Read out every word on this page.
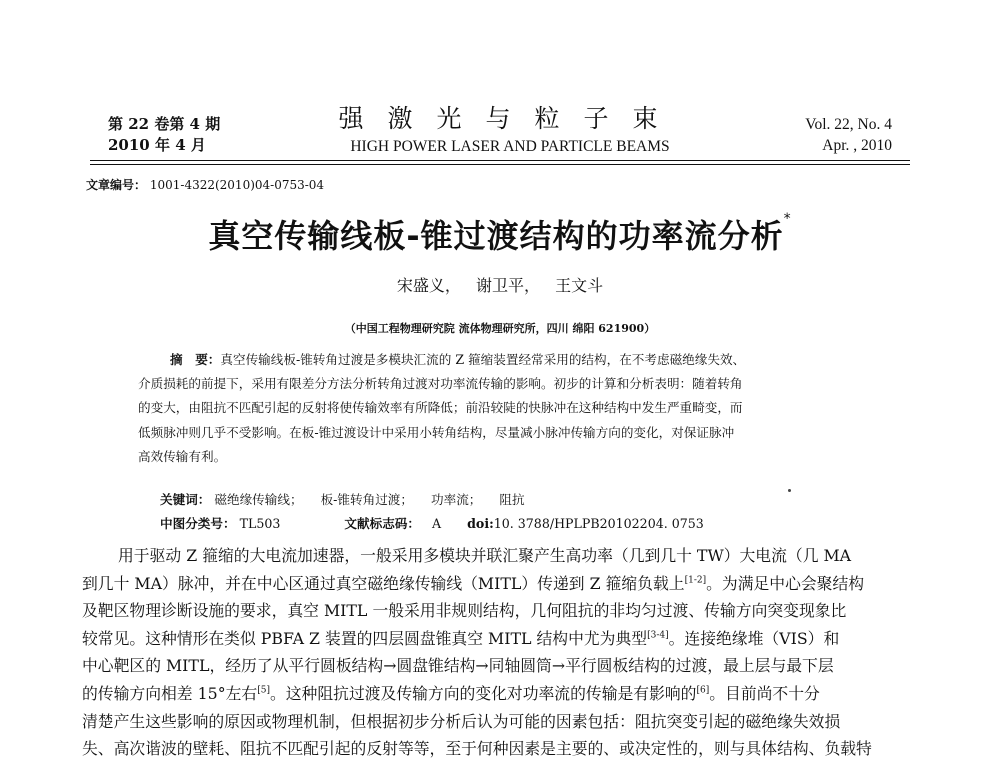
第 22 卷第 4 期
2010 年 4 月
强激光与粒子束
HIGH POWER LASER AND PARTICLE BEAMS
Vol. 22, No. 4
Apr. , 2010
文章编号： 1001-4322(2010)04-0753-04
真空传输线板-锥过渡结构的功率流分析*
宋盛义， 谢卫平， 王文斗
（中国工程物理研究院 流体物理研究所，四川 绵阳 621900）
摘　要：真空传输线板-锥转角过渡是多模块汇流的 Z 箍缩装置经常采用的结构，在不考虑磁绝缘失效、
介质损耗的前提下，采用有限差分方法分析转角过渡对功率流传输的影响。初步的计算和分析表明：随着转角
的变大，由阻抗不匹配引起的反射将使传输效率有所降低；前沿较陡的快脉冲在这种结构中发生严重畸变，而
低频脉冲则几乎不受影响。在板-锥过渡设计中采用小转角结构，尽量减小脉冲传输方向的变化，对保证脉冲
高效传输有利。
关键词： 磁绝缘传输线； 板-锥转角过渡； 功率流； 阻抗
中图分类号： TL503	文献标志码： A doi:10. 3788/HPLPB20102204. 0753
用于驱动 Z 箍缩的大电流加速器，一般采用多模块并联汇聚产生高功率（几到几十 TW）大电流（几 MA
到几十 MA）脉冲，并在中心区通过真空磁绝缘传输线（MITL）传递到 Z 箍缩负载上[1-2]。为满足中心会聚结构
及靶区物理诊断设施的要求，真空 MITL 一般采用非规则结构，几何阻抗的非均匀过渡、传输方向突变现象比
较常见。这种情形在类似 PBFA Z 装置的四层圆盘锥真空 MITL 结构中尤为典型[3-4]。连接绝缘堆（VIS）和
中心靶区的 MITL，经历了从平行圆板结构→圆盘锥结构→同轴圆筒→平行圆板结构的过渡，最上层与最下层
的传输方向相差 15°左右[5]。这种阻抗过渡及传输方向的变化对功率流的传输是有影响的[6]。目前尚不十分
清楚产生这些影响的原因或物理机制，但根据初步分析后认为可能的因素包括：阻抗突变引起的磁绝缘失效损
失、高次谐波的壁耗、阻抗不匹配引起的反射等等，至于何种因素是主要的、或决定性的，则与具体结构、负载特
